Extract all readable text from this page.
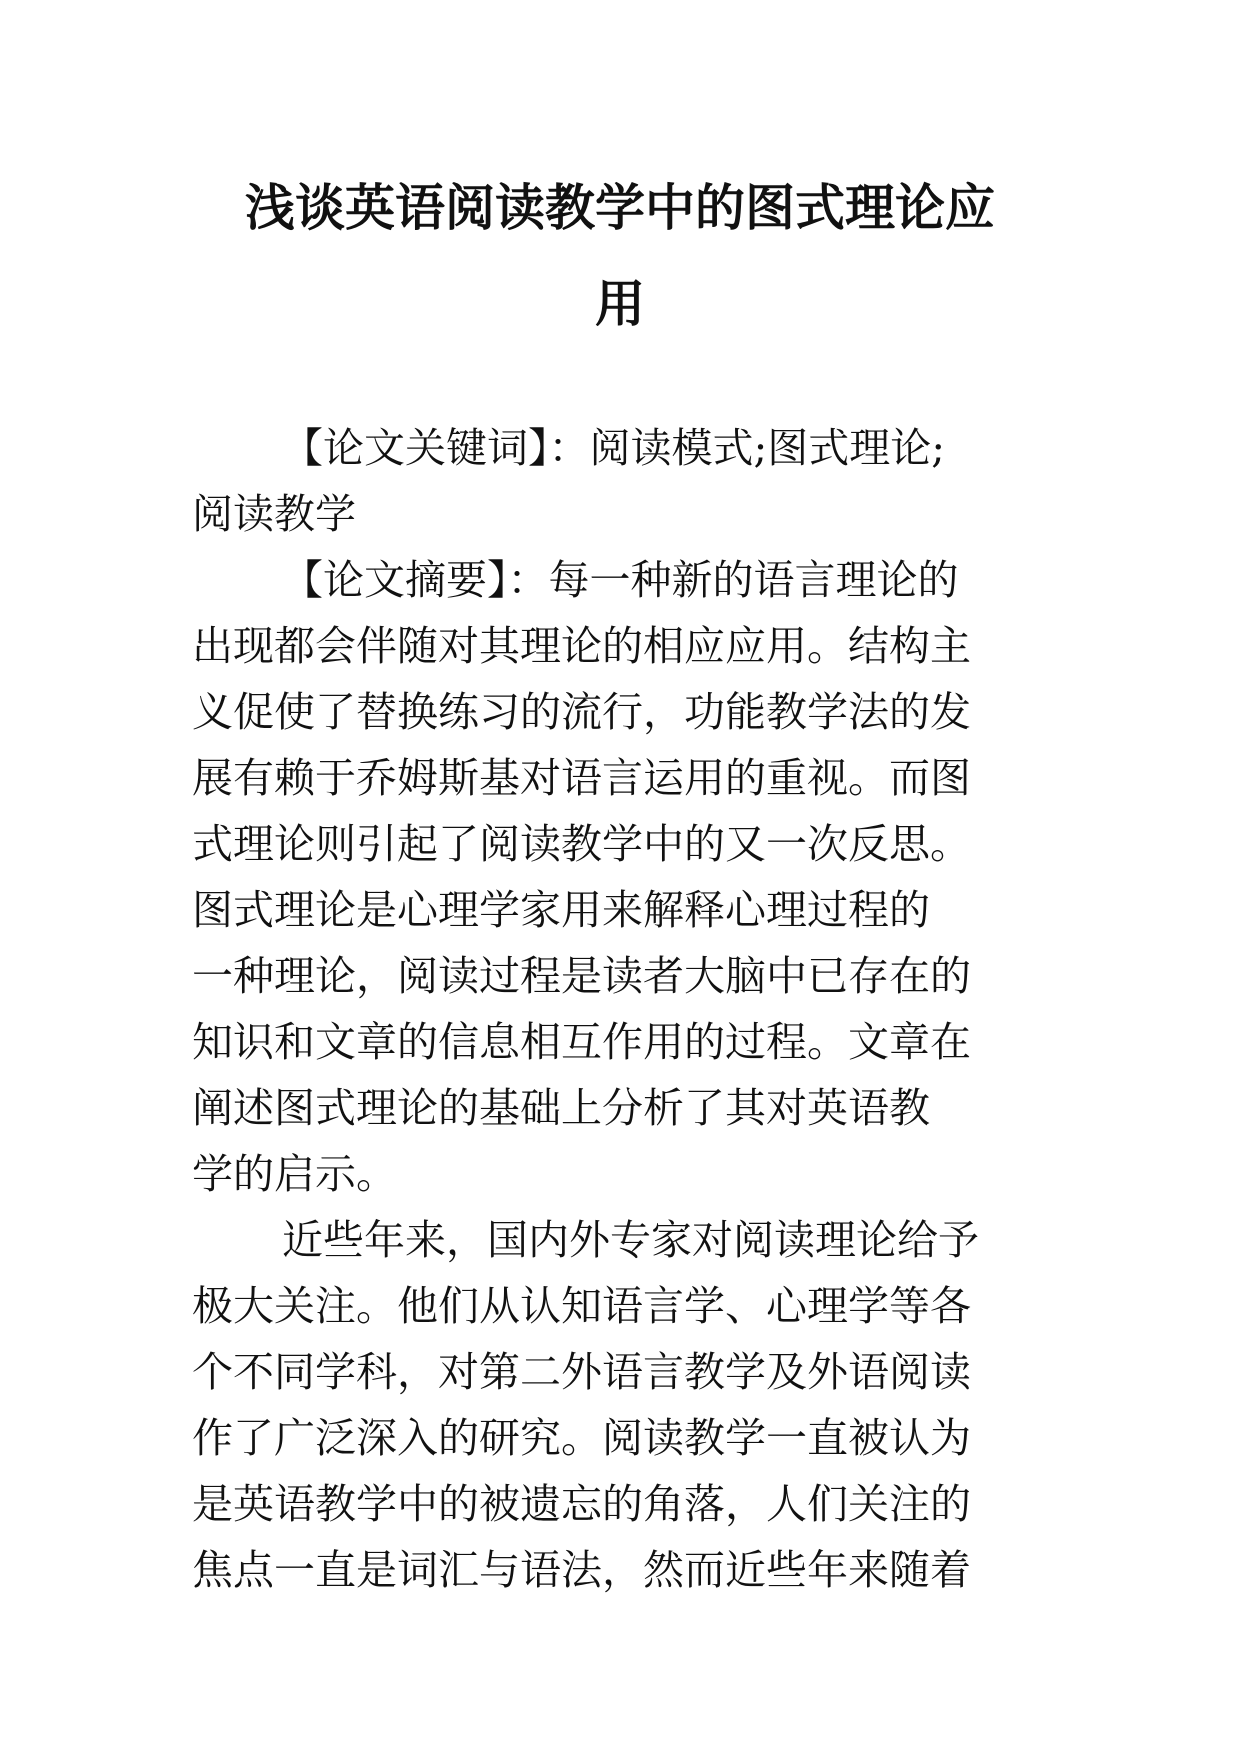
浅谈英语阅读教学中的图式理论应
用

【论文关键词】：阅读模式;图式理论;
阅读教学

【论文摘要】：每一种新的语言理论的
出现都会伴随对其理论的相应应用。结构主
义促使了替换练习的流行，功能教学法的发
展有赖于乔姆斯基对语言运用的重视。而图
式理论则引起了阅读教学中的又一次反思。
图式理论是心理学家用来解释心理过程的
一种理论，阅读过程是读者大脑中已存在的
知识和文章的信息相互作用的过程。文章在
阐述图式理论的基础上分析了其对英语教
学的启示。

近些年来，国内外专家对阅读理论给予
极大关注。他们从认知语言学、心理学等各
个不同学科，对第二外语言教学及外语阅读
作了广泛深入的研究。阅读教学一直被认为
是英语教学中的被遗忘的角落，人们关注的
焦点一直是词汇与语法，然而近些年来随着
